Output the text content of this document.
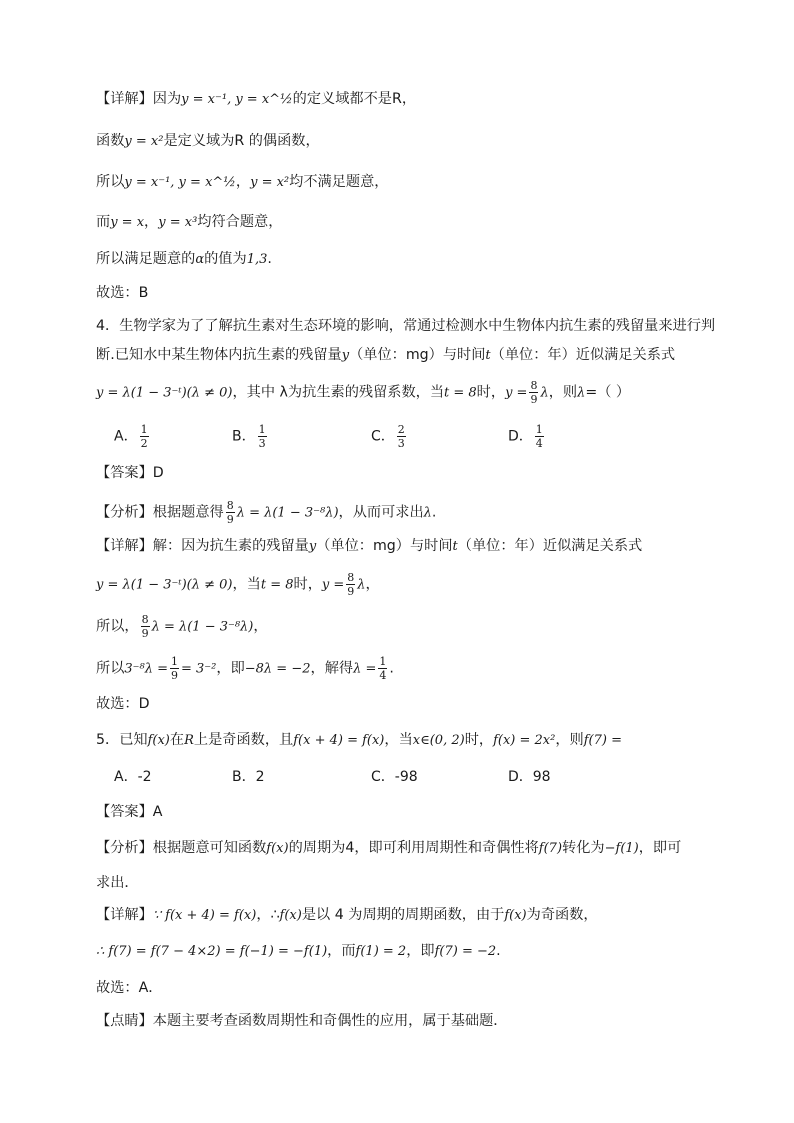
【详解】因为y = x⁻¹, y = x^½的定义域都不是R，
函数y = x²是定义域为R 的偶函数，
所以y = x⁻¹, y = x^½，y = x²均不满足题意，
而y = x，y = x³均符合题意，
所以满足题意的α的值为1,3.
故选：B
4．生物学家为了了解抗生素对生态环境的影响，常通过检测水中生物体内抗生素的残留量来进行判
断.已知水中某生物体内抗生素的残留量y（单位：mg）与时间t（单位：年）近似满足关系式
y = λ(1 − 3⁻ᵗ)(λ ≠ 0)，其中 λ为抗生素的残留系数，当t = 8时，$y = \frac{8}{9}$ λ，则λ=（ ）
A． $\frac{1}{2}$	B． $\frac{1}{3}$	C． $\frac{2}{3}$	D． $\frac{1}{4}$
【答案】D
【分析】根据题意得 $\frac{8}{9}$ λ = λ(1 − 3⁻⁸λ)，从而可求出λ.
【详解】解：因为抗生素的残留量y（单位：mg）与时间t（单位：年）近似满足关系式
y = λ(1 − 3⁻ᵗ)(λ ≠ 0)，当t = 8时，$y = \frac{8}{9}$ λ，
所以， $\frac{8}{9}$ λ = λ(1 − 3⁻⁸λ)，
所以$3^{-8}\lambda = \frac{1}{9} = 3^{-2}$，即−8λ = −2，解得$\lambda = \frac{1}{4}$ .
故选：D
5．已知f(x)在R上是奇函数，且f(x + 4) = f(x)，当x∈(0, 2)时，f(x) = 2x²，则f(7) =
A．-2	B．2	C．-98	D．98
【答案】A
【分析】根据题意可知函数f(x)的周期为4，即可利用周期性和奇偶性将f(7)转化为−f(1)，即可
求出．
【详解】∵ f(x + 4) = f(x)，∴f(x)是以 4 为周期的周期函数，由于f(x)为奇函数，
∴ f(7) = f(7 − 4×2) = f(−1) = −f(1)，而f(1) = 2，即f(7) = −2.
故选：A．
【点睛】本题主要考查函数周期性和奇偶性的应用，属于基础题．
